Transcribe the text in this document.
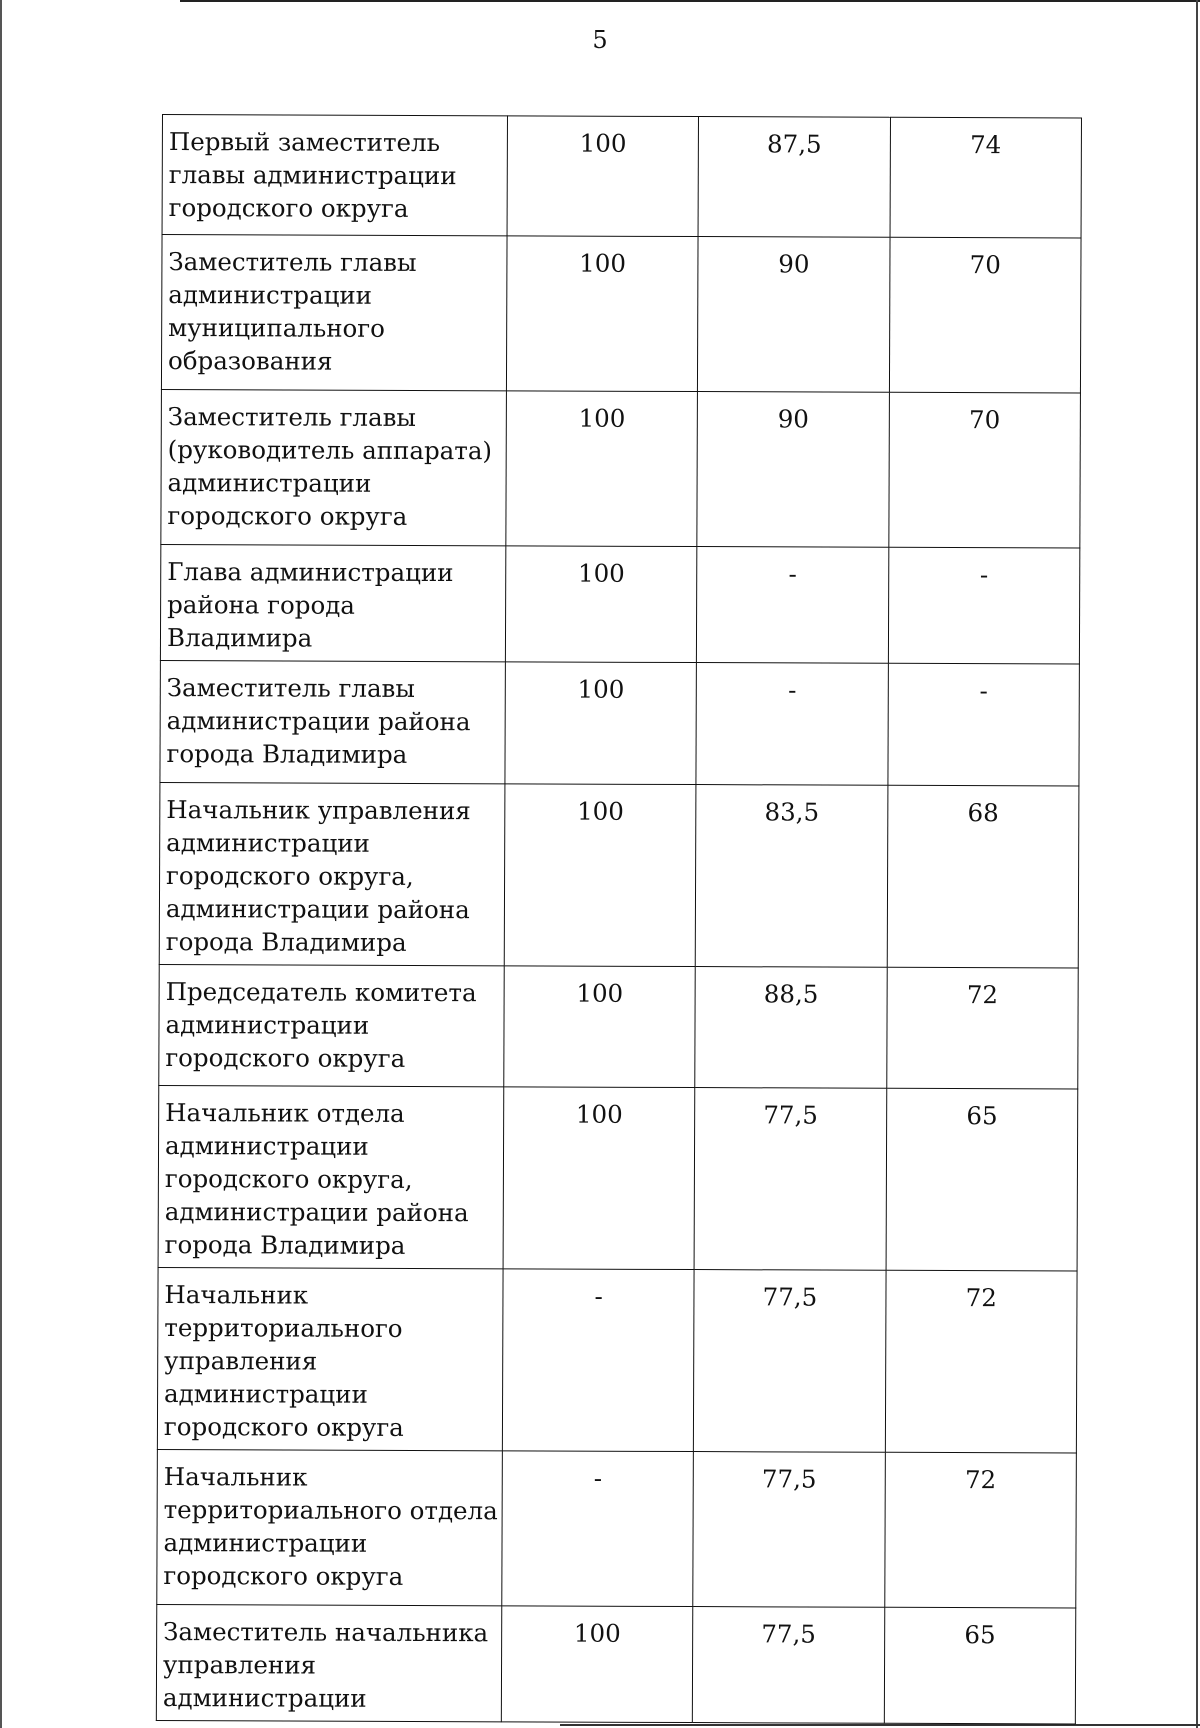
5
Первый заместитель главы администрации городского округа	100	87,5	74
Заместитель главы администрации муниципального образования	100	90	70
Заместитель главы (руководитель аппарата) администрации городского округа	100	90	70
Глава администрации района города Владимира	100	-	-
Заместитель главы администрации района города Владимира	100	-	-
Начальник управления администрации городского округа, администрации района города Владимира	100	83,5	68
Председатель комитета администрации городского округа	100	88,5	72
Начальник отдела администрации городского округа, администрации района города Владимира	100	77,5	65
Начальник территориального управления администрации городского округа	-	77,5	72
Начальник территориального отдела администрации городского округа	-	77,5	72
Заместитель начальника управления администрации	100	77,5	65
